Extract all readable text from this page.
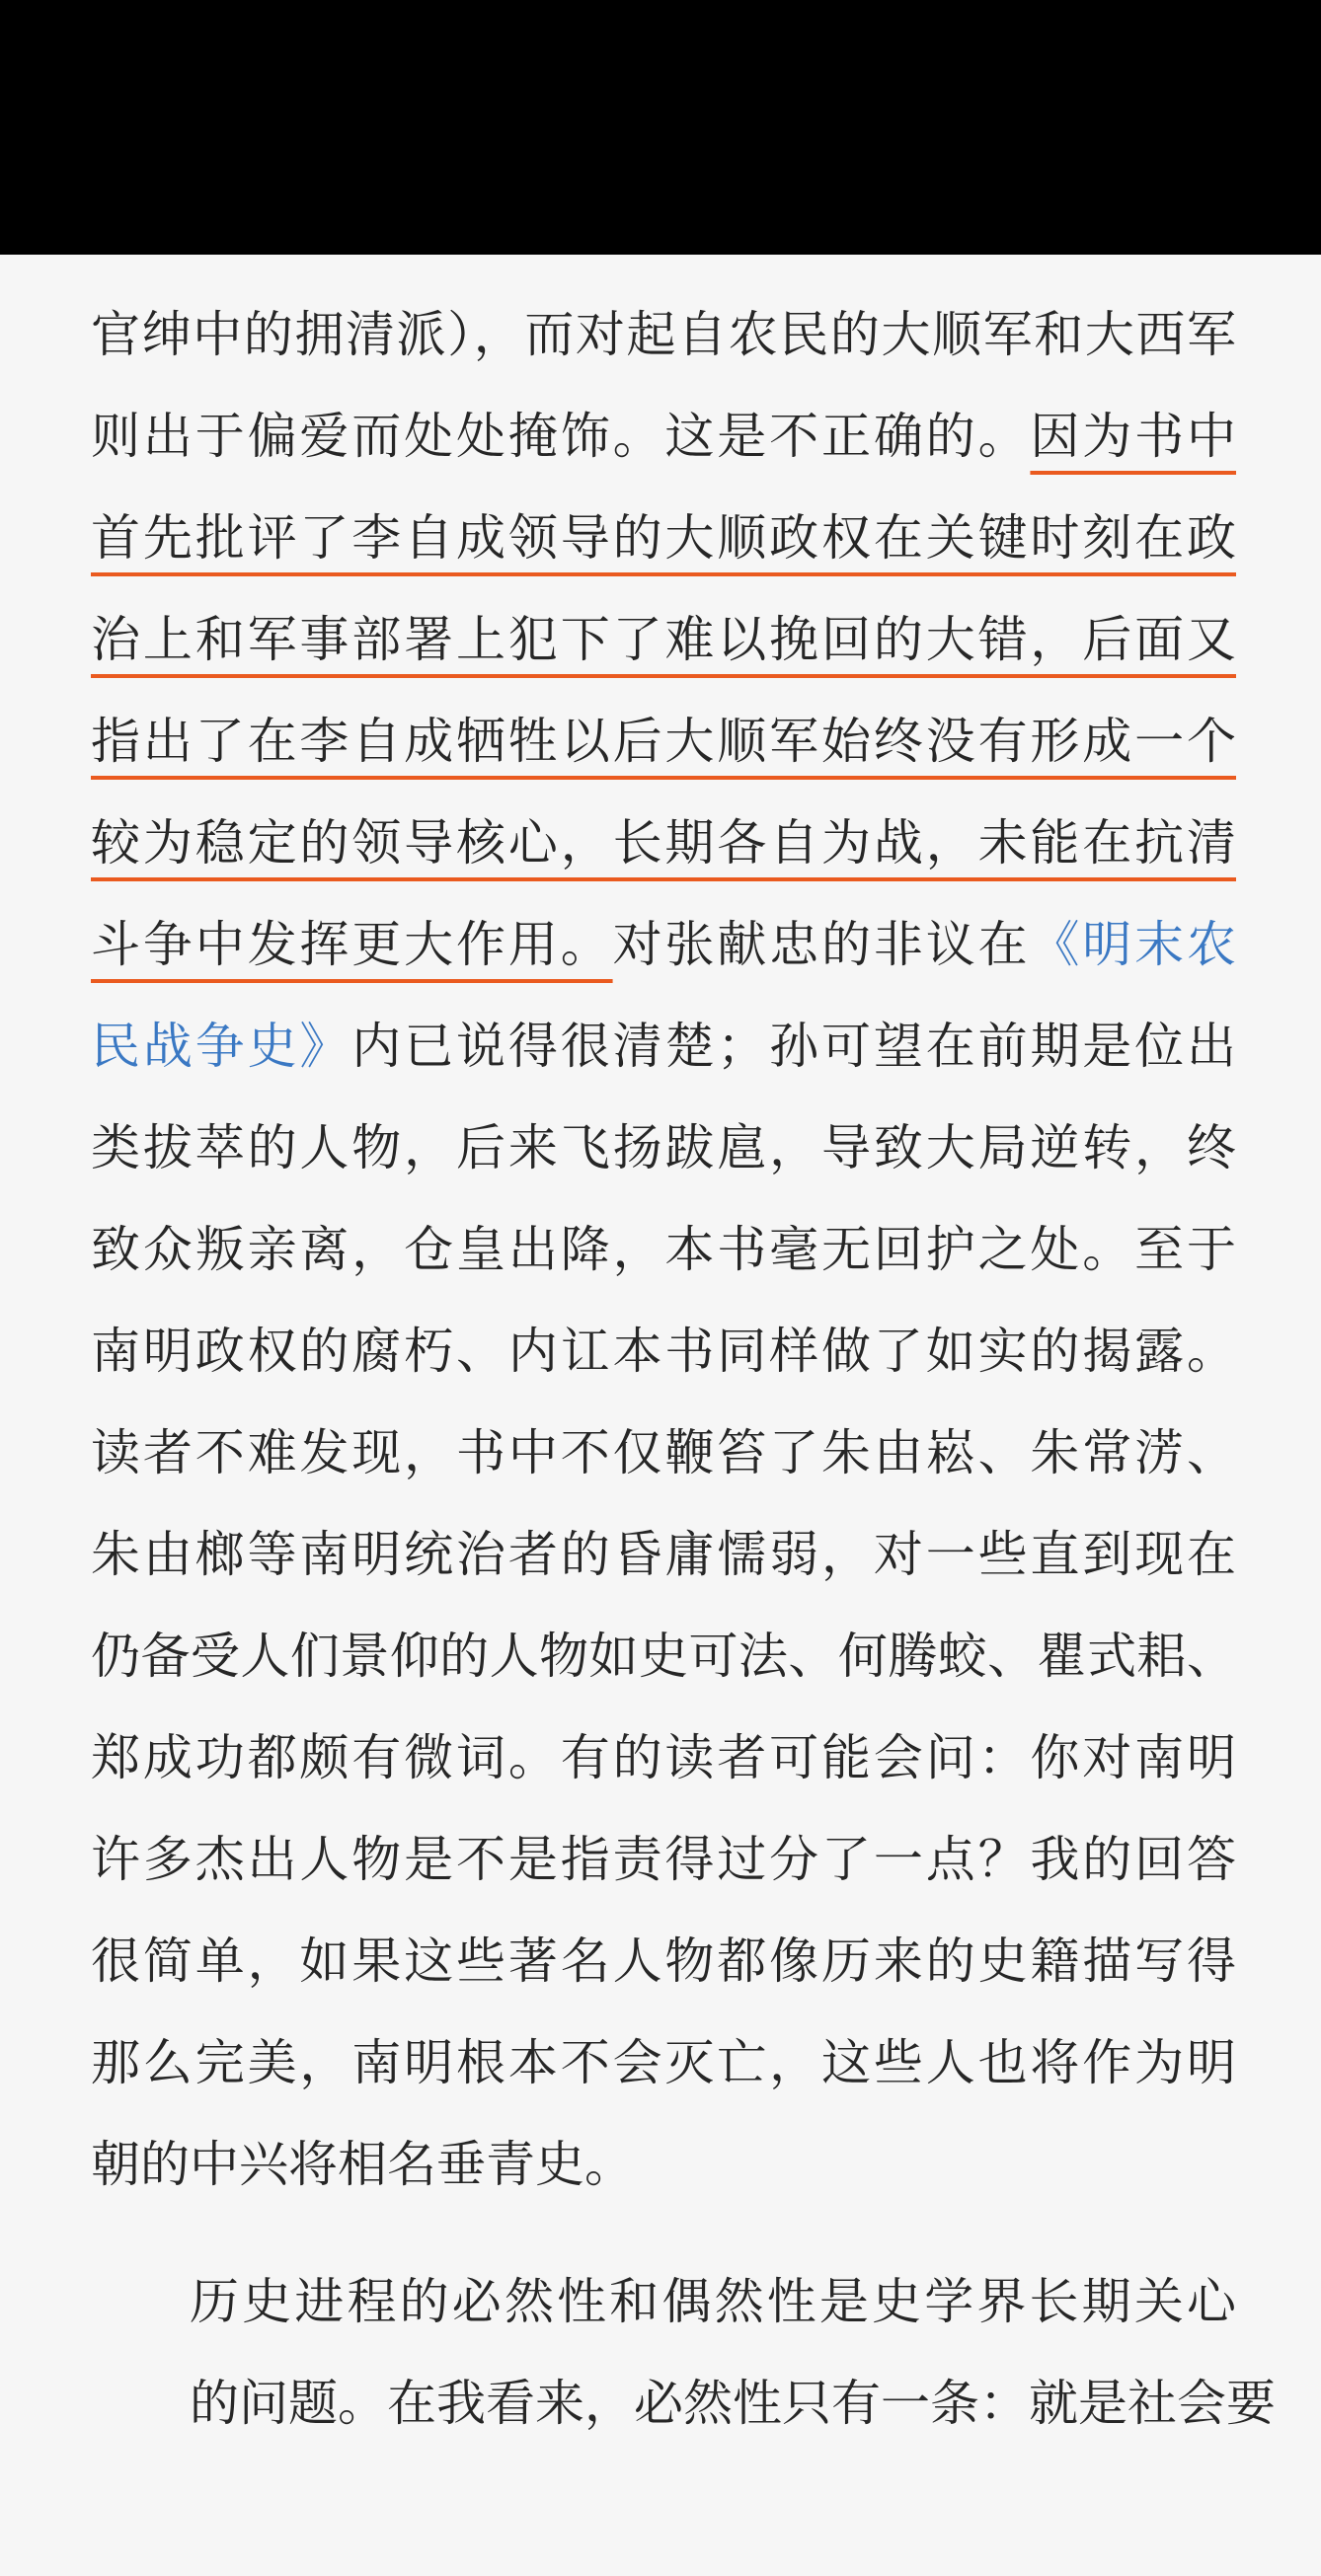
官绅中的拥清派），而对起自农民的大顺军和大西军
则出于偏爱而处处掩饰。这是不正确的。因为书中
首先批评了李自成领导的大顺政权在关键时刻在政
治上和军事部署上犯下了难以挽回的大错，后面又
指出了在李自成牺牲以后大顺军始终没有形成一个
较为稳定的领导核心，长期各自为战，未能在抗清
斗争中发挥更大作用。对张献忠的非议在《明末农
民战争史》内已说得很清楚；孙可望在前期是位出
类拔萃的人物，后来飞扬跋扈，导致大局逆转，终
致众叛亲离，仓皇出降，本书毫无回护之处。至于
南明政权的腐朽、内讧本书同样做了如实的揭露。
读者不难发现，书中不仅鞭笞了朱由崧、朱常淓、
朱由榔等南明统治者的昏庸懦弱，对一些直到现在
仍备受人们景仰的人物如史可法、何腾蛟、瞿式耜、
郑成功都颇有微词。有的读者可能会问：你对南明
许多杰出人物是不是指责得过分了一点？我的回答
很简单，如果这些著名人物都像历来的史籍描写得
那么完美，南明根本不会灭亡，这些人也将作为明
朝的中兴将相名垂青史。
历史进程的必然性和偶然性是史学界长期关心
的问题。在我看来，必然性只有一条：就是社会要
